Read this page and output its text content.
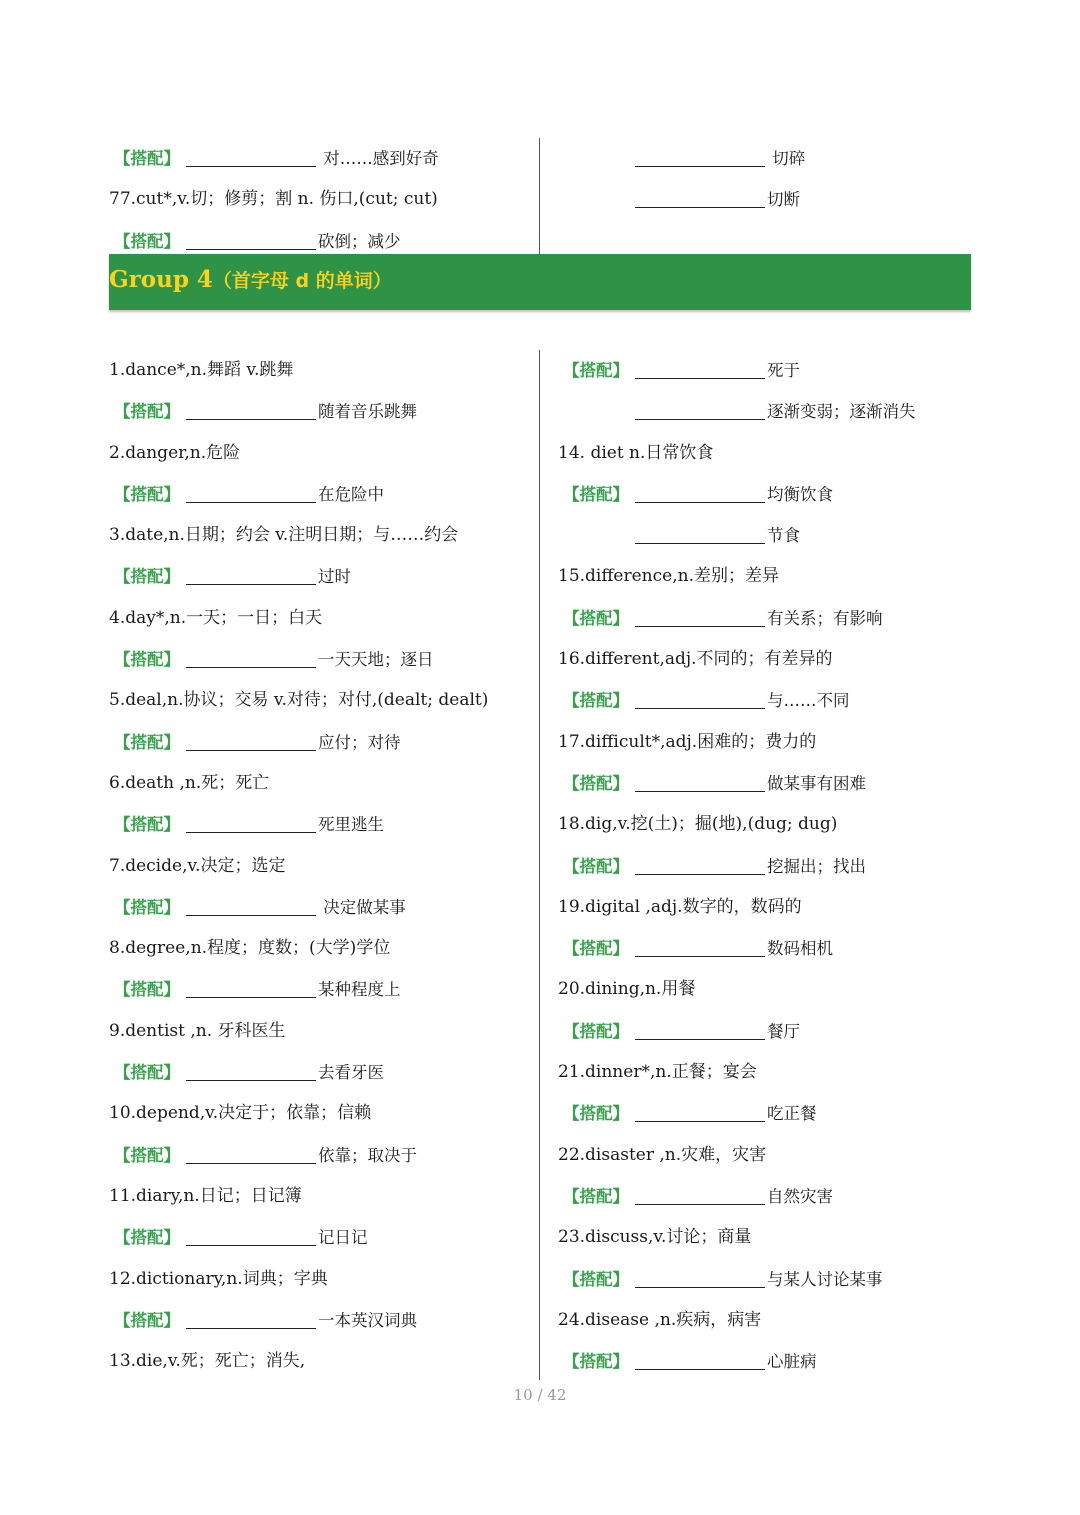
【搭配】	对……感到好奇
77.cut*,v.切；修剪；割 n. 伤口,(cut; cut)
【搭配】	砍倒；减少
切碎
切断
Group 4（首字母 d 的单词）
1.dance*,n.舞蹈 v.跳舞
【搭配】	随着音乐跳舞
2.danger,n.危险
【搭配】	在危险中
3.date,n.日期；约会 v.注明日期；与……约会
【搭配】	过时
4.day*,n.一天；一日；白天
【搭配】	一天天地；逐日
5.deal,n.协议；交易 v.对待；对付,(dealt; dealt)
【搭配】	应付；对待
6.death ,n.死；死亡
【搭配】	死里逃生
7.decide,v.决定；选定
【搭配】	决定做某事
8.degree,n.程度；度数；(大学)学位
【搭配】	某种程度上
9.dentist ,n. 牙科医生
【搭配】	去看牙医
10.depend,v.决定于；依靠；信赖
【搭配】	依靠；取决于
11.diary,n.日记；日记簿
【搭配】	记日记
12.dictionary,n.词典；字典
【搭配】	一本英汉词典
13.die,v.死；死亡；消失,
【搭配】	死于
逐渐变弱；逐渐消失
14. diet n.日常饮食
【搭配】	均衡饮食
节食
15.difference,n.差别；差异
【搭配】	有关系；有影响
16.different,adj.不同的；有差异的
【搭配】	与……不同
17.difficult*,adj.困难的；费力的
【搭配】	做某事有困难
18.dig,v.挖(土)；掘(地),(dug; dug)
【搭配】	挖掘出；找出
19.digital ,adj.数字的，数码的
【搭配】	数码相机
20.dining,n.用餐
【搭配】	餐厅
21.dinner*,n.正餐；宴会
【搭配】	吃正餐
22.disaster ,n.灾难，灾害
【搭配】	自然灾害
23.discuss,v.讨论；商量
【搭配】	与某人讨论某事
24.disease ,n.疾病，病害
【搭配】	心脏病
10 / 42
